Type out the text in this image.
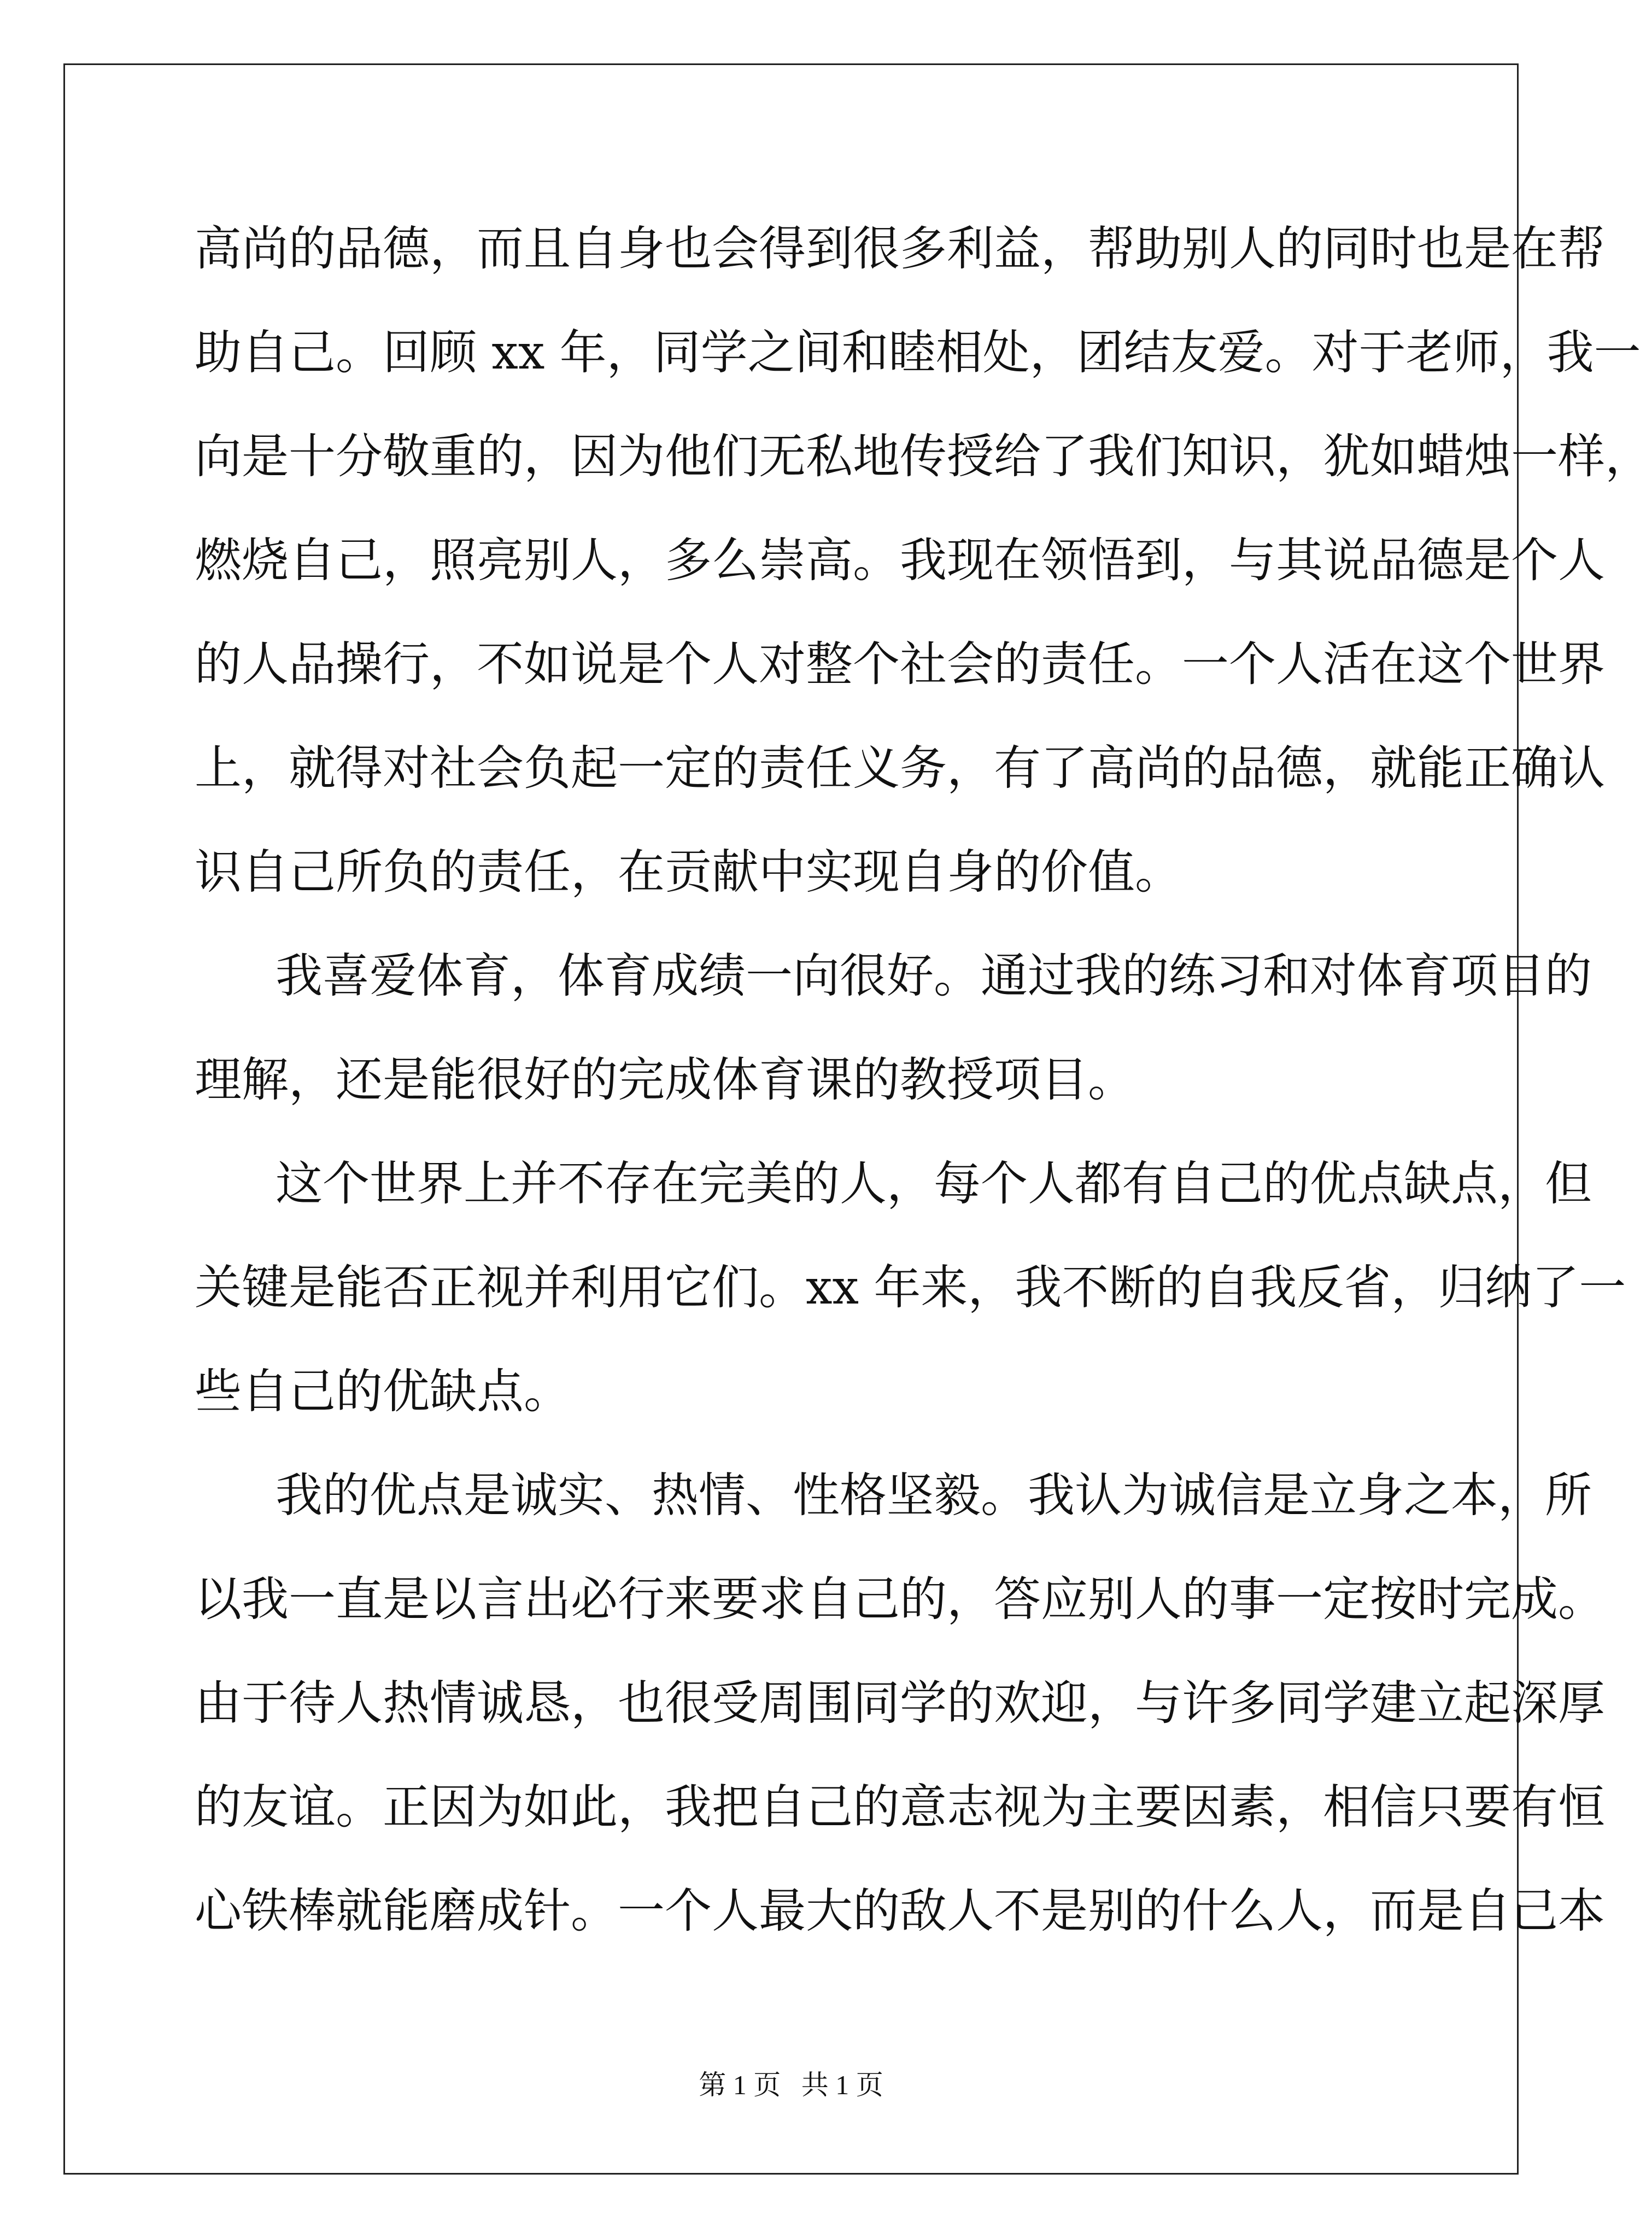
高尚的品德，而且自身也会得到很多利益，帮助别人的同时也是在帮
助自己。回顾 xx 年，同学之间和睦相处，团结友爱。对于老师，我一
向是十分敬重的，因为他们无私地传授给了我们知识，犹如蜡烛一样，
燃烧自己，照亮别人，多么崇高。我现在领悟到，与其说品德是个人
的人品操行，不如说是个人对整个社会的责任。一个人活在这个世界
上，就得对社会负起一定的责任义务，有了高尚的品德，就能正确认
识自己所负的责任，在贡献中实现自身的价值。
我喜爱体育，体育成绩一向很好。通过我的练习和对体育项目的
理解，还是能很好的完成体育课的教授项目。
这个世界上并不存在完美的人，每个人都有自己的优点缺点，但
关键是能否正视并利用它们。xx 年来，我不断的自我反省，归纳了一
些自己的优缺点。
我的优点是诚实、热情、性格坚毅。我认为诚信是立身之本，所
以我一直是以言出必行来要求自己的，答应别人的事一定按时完成。
由于待人热情诚恳，也很受周围同学的欢迎，与许多同学建立起深厚
的友谊。正因为如此，我把自己的意志视为主要因素，相信只要有恒
心铁棒就能磨成针。一个人最大的敌人不是别的什么人，而是自己本
第 1 页   共 1 页
